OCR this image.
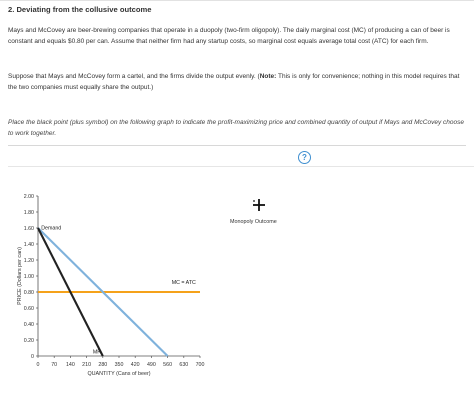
2. Deviating from the collusive outcome
Mays and McCovey are beer-brewing companies that operate in a duopoly (two-firm oligopoly). The daily marginal cost (MC) of producing a can of beer is constant and equals $0.80 per can. Assume that neither firm had any startup costs, so marginal cost equals average total cost (ATC) for each firm.
Suppose that Mays and McCovey form a cartel, and the firms divide the output evenly. (Note: This is only for convenience; nothing in this model requires that the two companies must equally share the output.)
Place the black point (plus symbol) on the following graph to indicate the profit-maximizing price and combined quantity of output if Mays and McCovey choose to work together.
?
0
0.20
0.40
0.60
0.80
1.00
1.20
1.40
1.60
1.80
2.00
0 70 140 210 280 350 420 490 560 630 700
QUANTITY (Cans of beer)
PRICE (Dollars per can)
Demand
MR
MC = ATC
Monopoly Outcome
